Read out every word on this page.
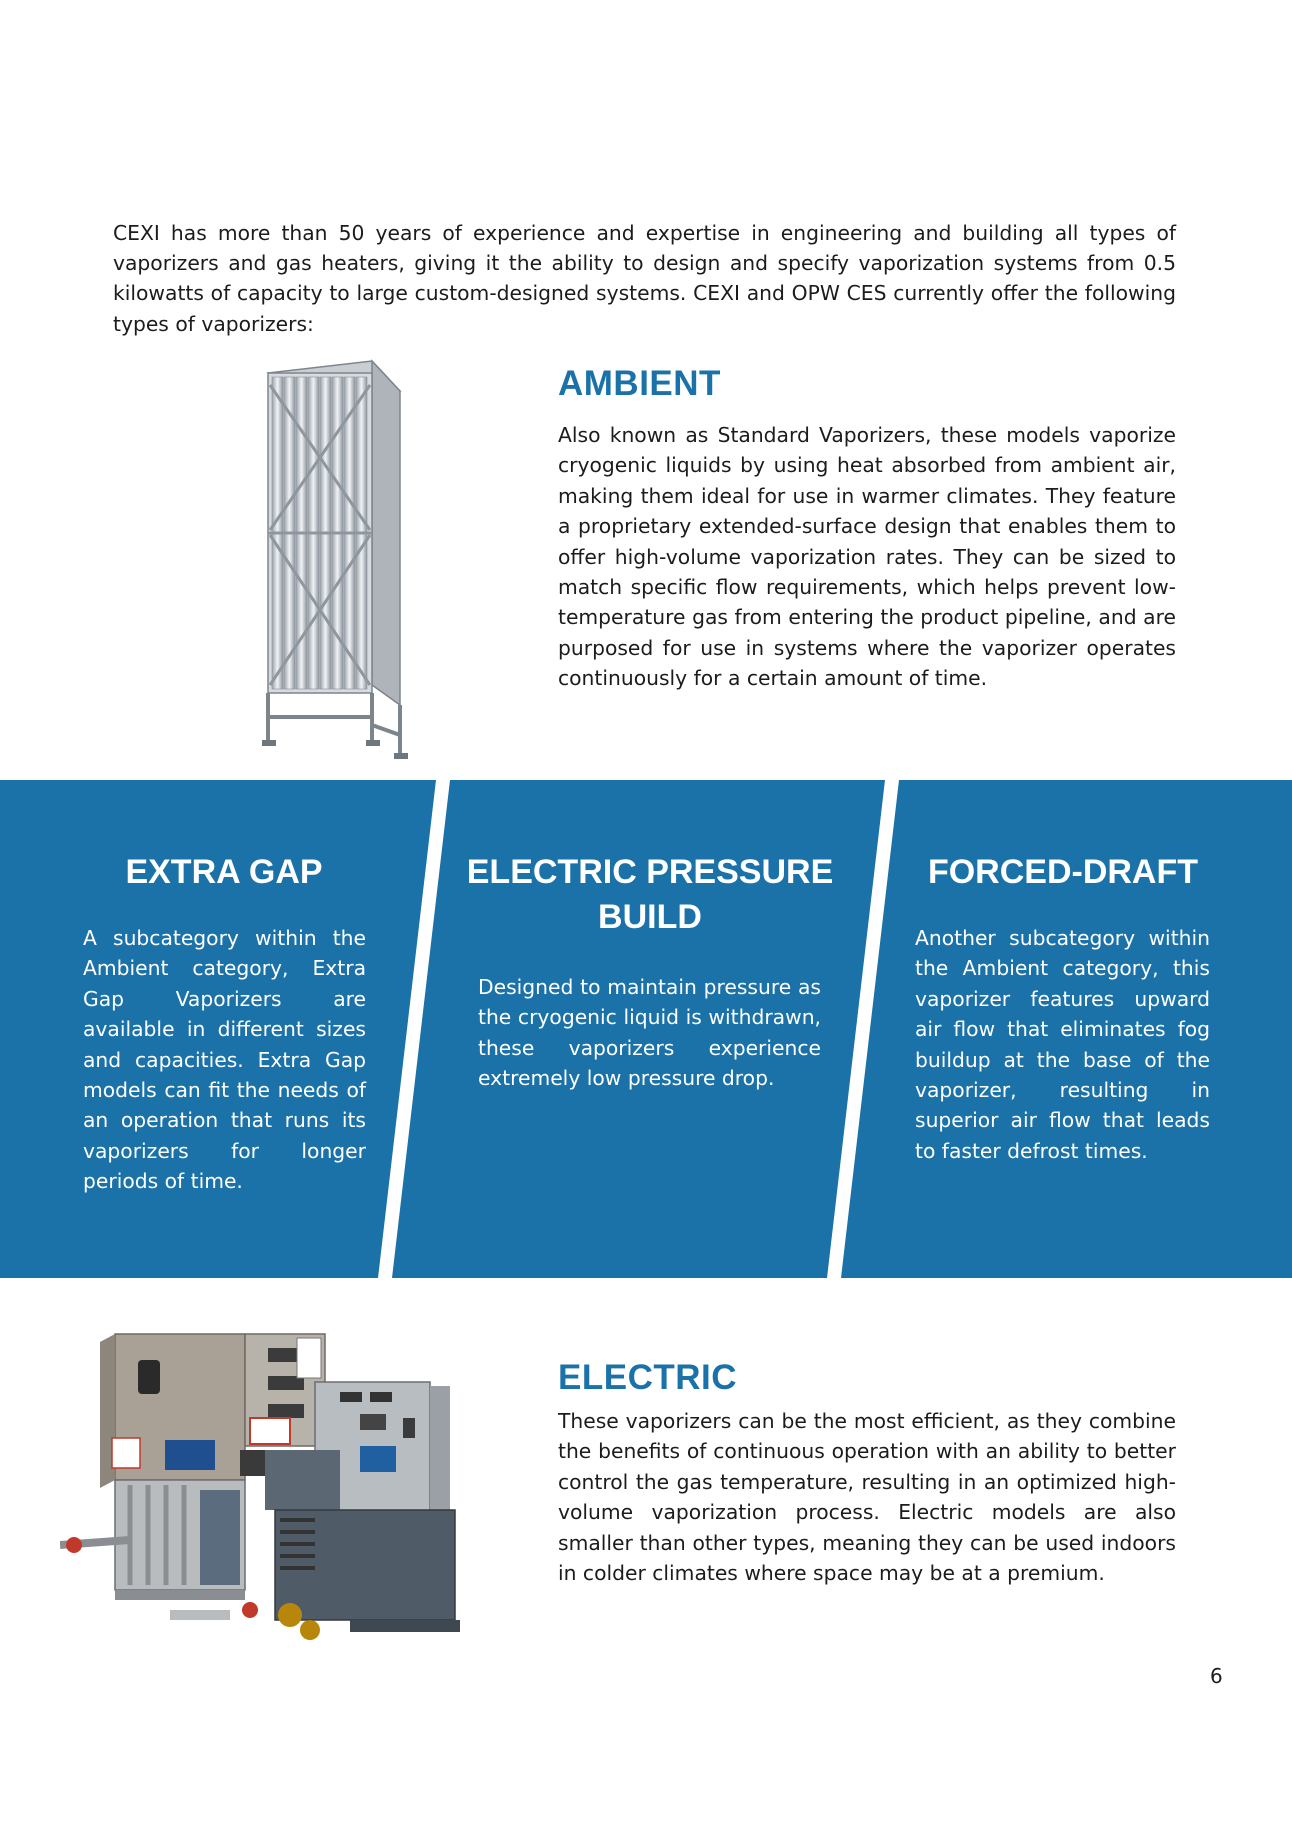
CEXI has more than 50 years of experience and expertise in engineering and building all types of vaporizers and gas heaters, giving it the ability to design and specify vaporization systems from 0.5 kilowatts of capacity to large custom-designed systems. CEXI and OPW CES currently offer the following types of vaporizers:

AMBIENT

Also known as Standard Vaporizers, these models vaporize cryogenic liquids by using heat absorbed from ambient air, making them ideal for use in warmer climates. They feature a proprietary extended-surface design that enables them to offer high-volume vaporization rates. They can be sized to match specific flow requirements, which helps prevent low-temperature gas from entering the product pipeline, and are purposed for use in systems where the vaporizer operates continuously for a certain amount of time.

EXTRA GAP

A subcategory within the Ambient category, Extra Gap Vaporizers are available in different sizes and capacities. Extra Gap models can fit the needs of an operation that runs its vaporizers for longer periods of time.

ELECTRIC PRESSURE BUILD

Designed to maintain pressure as the cryogenic liquid is withdrawn, these vaporizers experience extremely low pressure drop.

FORCED-DRAFT

Another subcategory within the Ambient category, this vaporizer features upward air flow that eliminates fog buildup at the base of the vaporizer, resulting in superior air flow that leads to faster defrost times.

ELECTRIC

These vaporizers can be the most efficient, as they combine the benefits of continuous operation with an ability to better control the gas temperature, resulting in an optimized high-volume vaporization process. Electric models are also smaller than other types, meaning they can be used indoors in colder climates where space may be at a premium.

6
